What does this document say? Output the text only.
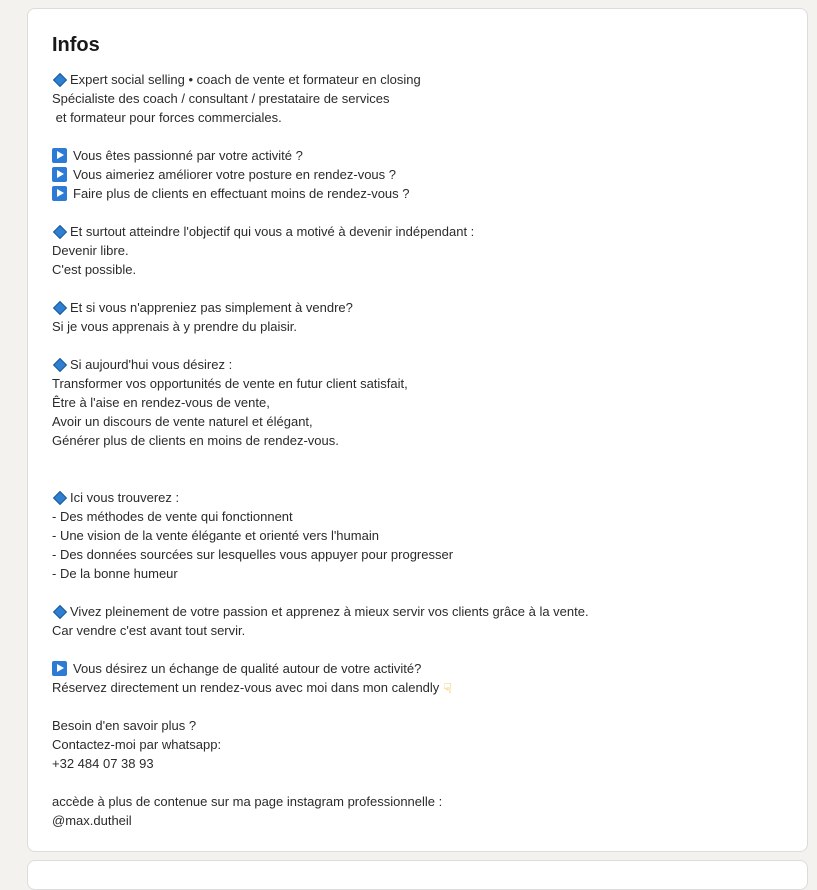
Infos
Expert social selling • coach de vente et formateur en closing
Spécialiste des coach / consultant / prestataire de services
et formateur pour forces commerciales.
Vous êtes passionné par votre activité ?
Vous aimeriez améliorer votre posture en rendez-vous ?
Faire plus de clients en effectuant moins de rendez-vous ?
Et surtout atteindre l'objectif qui vous a motivé à devenir indépendant :
Devenir libre.
C'est possible.
Et si vous n'appreniez pas simplement à vendre?
Si je vous apprenais à y prendre du plaisir.
Si aujourd'hui vous désirez :
Transformer vos opportunités de vente en futur client satisfait,
Être à l'aise en rendez-vous de vente,
Avoir un discours de vente naturel et élégant,
Générer plus de clients en moins de rendez-vous.
Ici vous trouverez :
- Des méthodes de vente qui fonctionnent
- Une vision de la vente élégante et orienté vers l'humain
- Des données sourcées sur lesquelles vous appuyer pour progresser
- De la bonne humeur
Vivez pleinement de votre passion et apprenez à mieux servir vos clients grâce à la vente.
Car vendre c'est avant tout servir.
Vous désirez un échange de qualité autour de votre activité?
Réservez directement un rendez-vous avec moi dans mon calendly ☟
Besoin d'en savoir plus ?
Contactez-moi par whatsapp:
+32 484 07 38 93
accède à plus de contenue sur ma page instagram professionnelle :
@max.dutheil
